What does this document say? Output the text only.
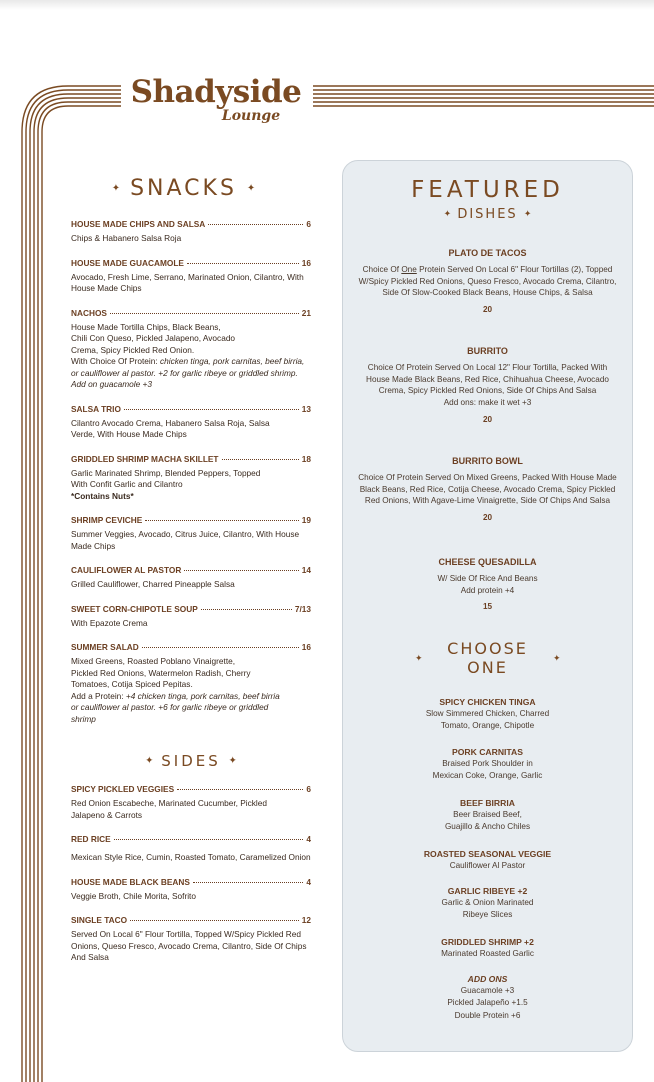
Shadyside
Lounge
✦ SNACKS ✦
HOUSE MADE CHIPS AND SALSA	6
Chips & Habanero Salsa Roja
HOUSE MADE GUACAMOLE	16
Avocado, Fresh Lime, Serrano, Marinated Onion, Cilantro, With House Made Chips
NACHOS	21
House Made Tortilla Chips, Black Beans,
Chili Con Queso, Pickled Jalapeno, Avocado
Crema, Spicy Pickled Red Onion.
With Choice Of Protein: chicken tinga, pork carnitas, beef birria, or cauliflower al pastor. +2 for garlic ribeye or griddled shrimp. Add on guacamole +3
SALSA TRIO	13
Cilantro Avocado Crema, Habanero Salsa Roja, Salsa Verde, With House Made Chips
GRIDDLED SHRIMP MACHA SKILLET	18
Garlic Marinated Shrimp, Blended Peppers, Topped With Confit Garlic and Cilantro
*Contains Nuts*
SHRIMP CEVICHE	19
Summer Veggies, Avocado, Citrus Juice, Cilantro, With House Made Chips
CAULIFLOWER AL PASTOR	14
Grilled Cauliflower, Charred Pineapple Salsa
SWEET CORN-CHIPOTLE SOUP	7/13
With Epazote Crema
SUMMER SALAD	16
Mixed Greens, Roasted Poblano Vinaigrette,
Pickled Red Onions, Watermelon Radish, Cherry
Tomatoes, Cotija Spiced Pepitas.
Add a Protein: +4 chicken tinga, pork carnitas, beef birria or cauliflower al pastor. +6 for garlic ribeye or griddled shrimp
✦ SIDES ✦
SPICY PICKLED VEGGIES	6
Red Onion Escabeche, Marinated Cucumber, Pickled Jalapeno & Carrots
RED RICE	4
Mexican Style Rice, Cumin, Roasted Tomato, Caramelized Onion
HOUSE MADE BLACK BEANS	4
Veggie Broth, Chile Morita, Sofrito
SINGLE TACO	12
Served On Local 6" Flour Tortilla, Topped W/Spicy Pickled Red Onions, Queso Fresco, Avocado Crema, Cilantro, Side Of Chips And Salsa
FEATURED
✦ DISHES ✦
PLATO DE TACOS
Choice Of One Protein Served On Local 6" Flour Tortillas (2), Topped W/Spicy Pickled Red Onions, Queso Fresco, Avocado Crema, Cilantro, Side Of Slow-Cooked Black Beans, House Chips, & Salsa
20
BURRITO
Choice Of Protein Served On Local 12" Flour Tortilla, Packed With House Made Black Beans, Red Rice, Chihuahua Cheese, Avocado Crema, Spicy Pickled Red Onions, Side Of Chips And Salsa
Add ons: make it wet +3
20
BURRITO BOWL
Choice Of Protein Served On Mixed Greens, Packed With House Made Black Beans, Red Rice, Cotija Cheese, Avocado Crema, Spicy Pickled Red Onions, With Agave-Lime Vinaigrette, Side Of Chips And Salsa
20
CHEESE QUESADILLA
W/ Side Of Rice And Beans
Add protein +4
15
CHOOSE
ONE
✦	✦
SPICY CHICKEN TINGA
Slow Simmered Chicken, Charred
Tomato, Orange, Chipotle
PORK CARNITAS
Braised Pork Shoulder in
Mexican Coke, Orange, Garlic
BEEF BIRRIA
Beer Braised Beef,
Guajillo & Ancho Chiles
ROASTED SEASONAL VEGGIE
Cauliflower Al Pastor
GARLIC RIBEYE +2
Garlic & Onion Marinated
Ribeye Slices
GRIDDLED SHRIMP +2
Marinated Roasted Garlic
ADD ONS
Guacamole +3
Pickled Jalapeño +1.5
Double Protein +6
